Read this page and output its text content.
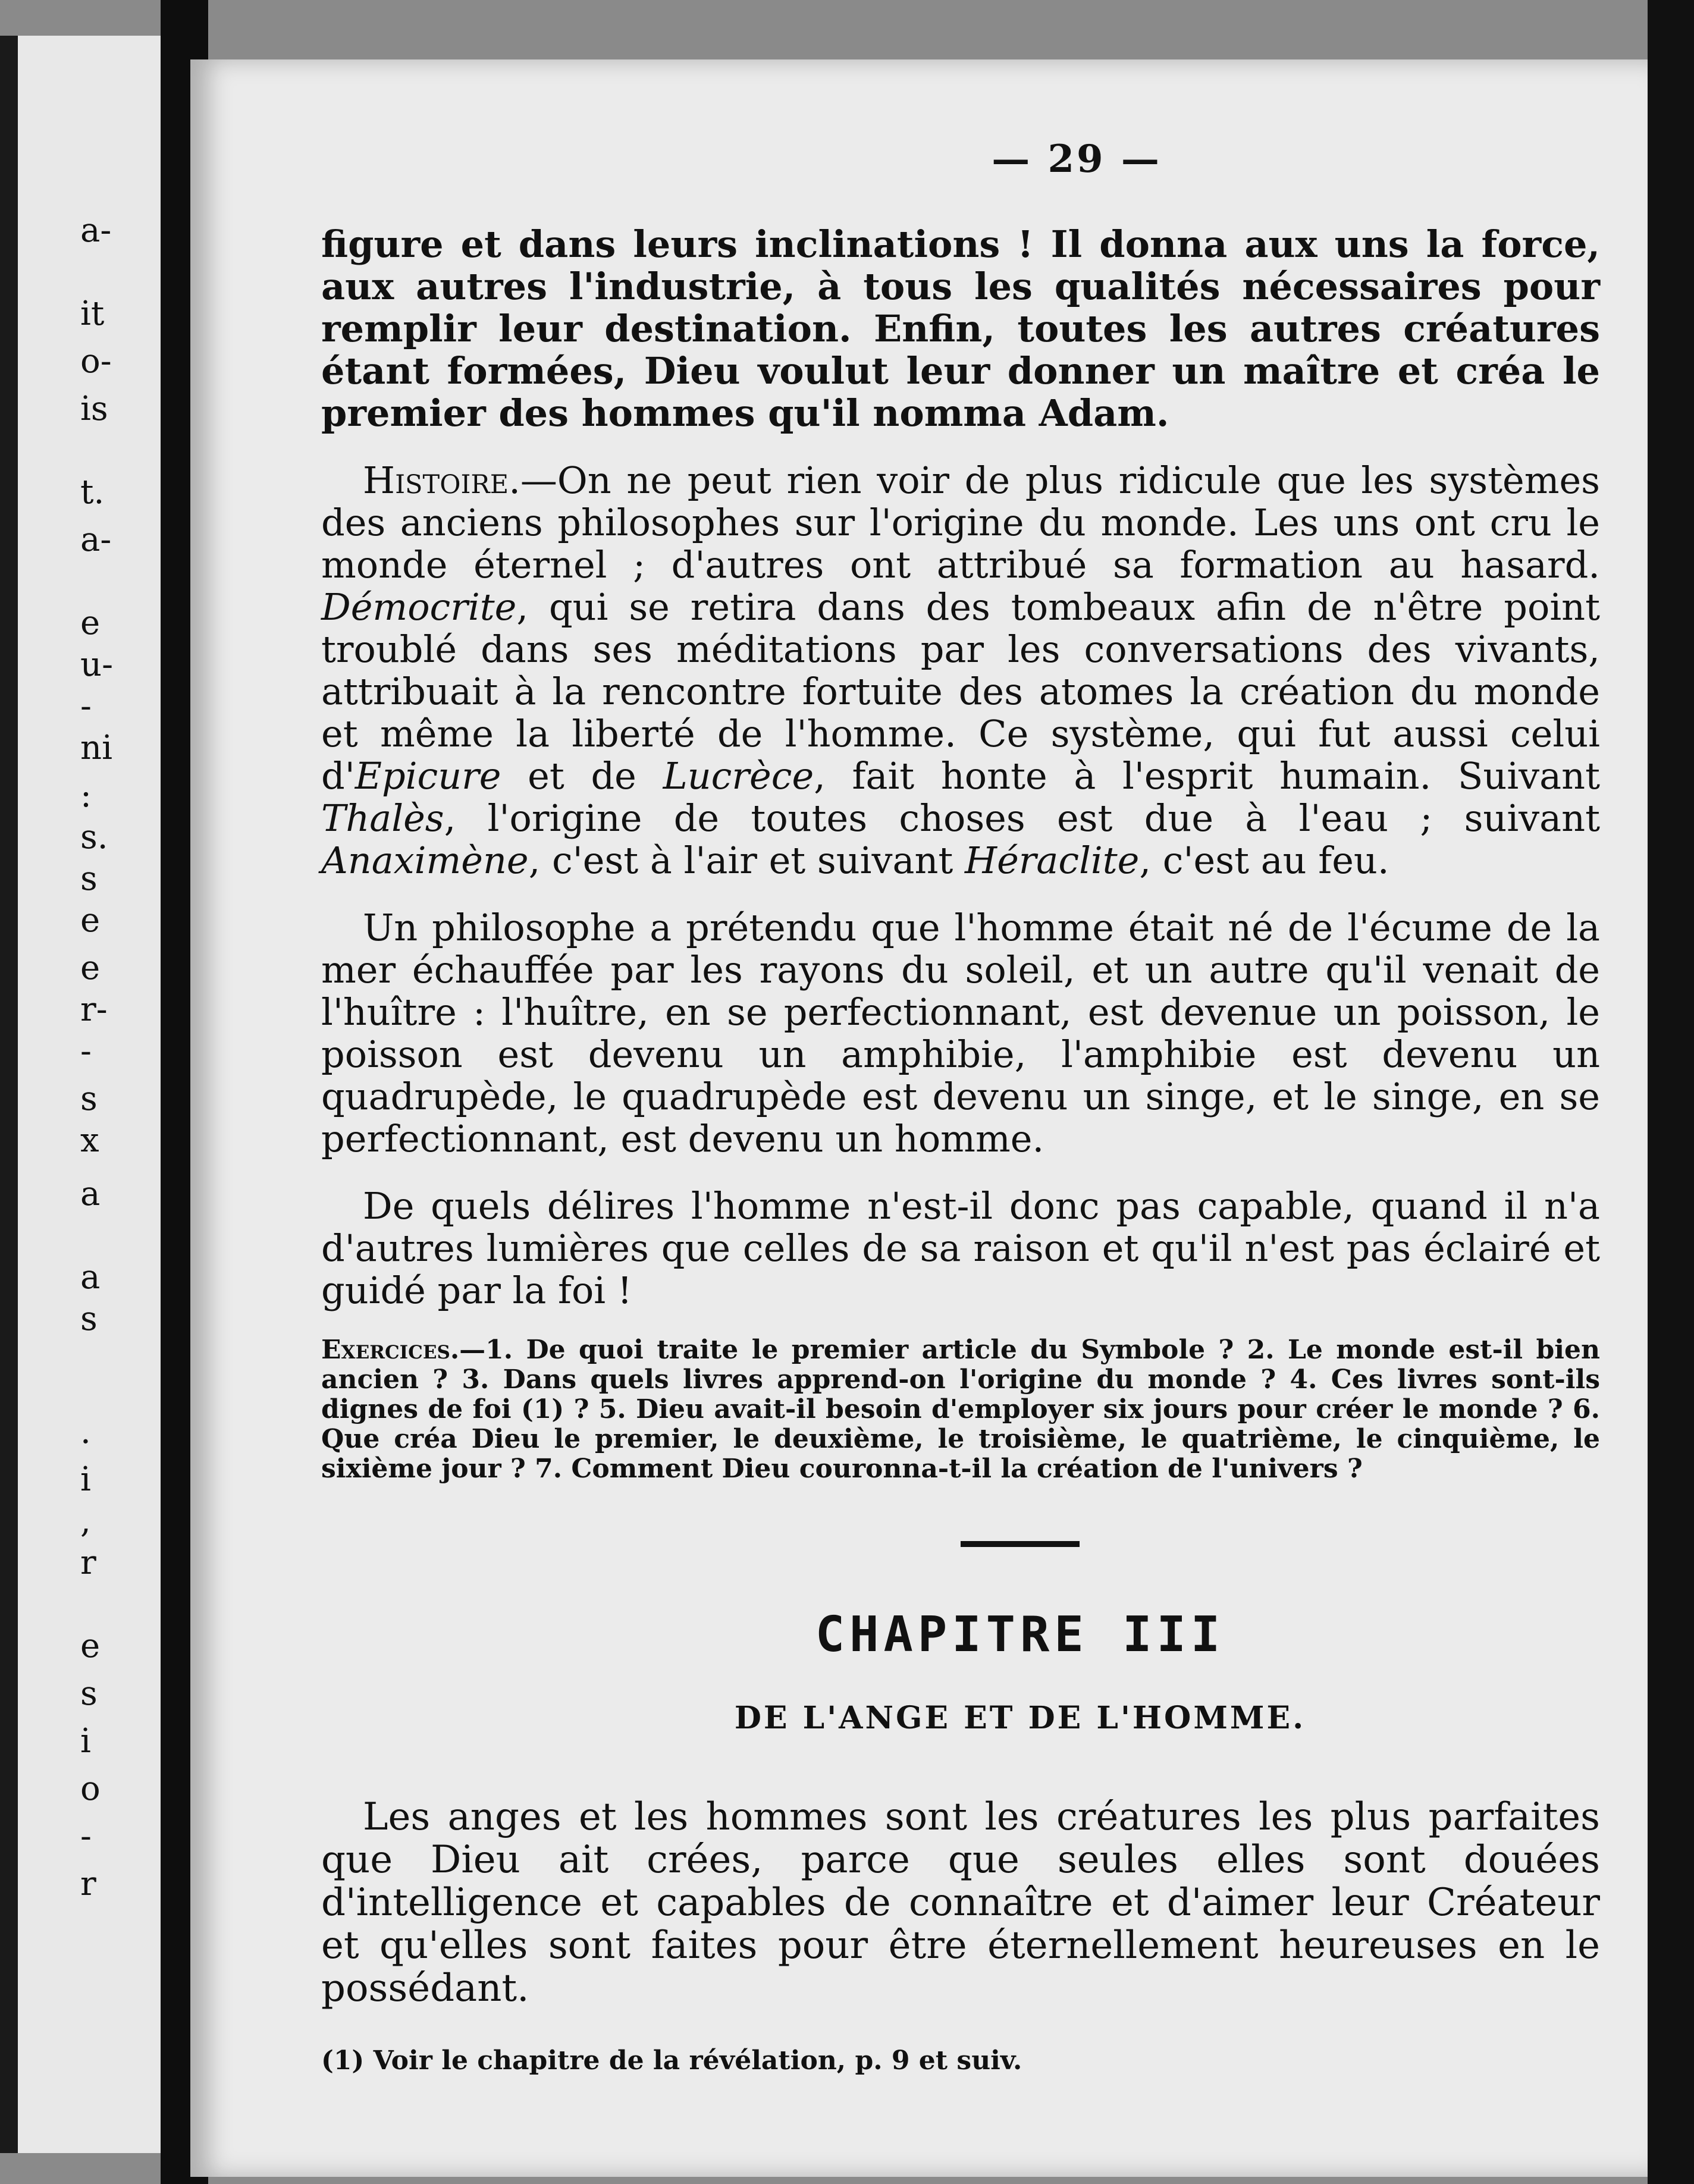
a-
it
o-
is
t.
a-
e
u-
-
ni
:
s.
s
e
e
r-
-
s
x
a
a
s
.
i
,
r
e
s
i
o
-
r
— 29 —

figure et dans leurs inclinations ! Il donna aux uns la force, aux autres l'industrie, à tous les qualités nécessaires pour remplir leur destination. Enfin, toutes les autres créatures étant formées, Dieu voulut leur donner un maître et créa le premier des hommes qu'il nomma Adam.

Histoire.—On ne peut rien voir de plus ridicule que les systèmes des anciens philosophes sur l'origine du monde. Les uns ont cru le monde éternel ; d'autres ont attribué sa formation au hasard. Démocrite, qui se retira dans des tombeaux afin de n'être point troublé dans ses méditations par les conversations des vivants, attribuait à la rencontre fortuite des atomes la création du monde et même la liberté de l'homme. Ce système, qui fut aussi celui d'Epicure et de Lucrèce, fait honte à l'esprit humain. Suivant Thalès, l'origine de toutes choses est due à l'eau ; suivant Anaximène, c'est à l'air et suivant Héraclite, c'est au feu.

Un philosophe a prétendu que l'homme était né de l'écume de la mer échauffée par les rayons du soleil, et un autre qu'il venait de l'huître : l'huître, en se perfectionnant, est devenue un poisson, le poisson est devenu un amphibie, l'amphibie est devenu un quadrupède, le quadrupède est devenu un singe, et le singe, en se perfectionnant, est devenu un homme.

De quels délires l'homme n'est-il donc pas capable, quand il n'a d'autres lumières que celles de sa raison et qu'il n'est pas éclairé et guidé par la foi !

Exercices.—1. De quoi traite le premier article du Symbole ? 2. Le monde est-il bien ancien ? 3. Dans quels livres apprend-on l'origine du monde ? 4. Ces livres sont-ils dignes de foi (1) ? 5. Dieu avait-il besoin d'employer six jours pour créer le monde ? 6. Que créa Dieu le premier, le deuxième, le troisième, le quatrième, le cinquième, le sixième jour ? 7. Comment Dieu couronna-t-il la création de l'univers ?

CHAPITRE III
DE L'ANGE ET DE L'HOMME.

Les anges et les hommes sont les créatures les plus parfaites que Dieu ait crées, parce que seules elles sont douées d'intelligence et capables de connaître et d'aimer leur Créateur et qu'elles sont faites pour être éternellement heureuses en le possédant.

(1) Voir le chapitre de la révélation, p. 9 et suiv.
